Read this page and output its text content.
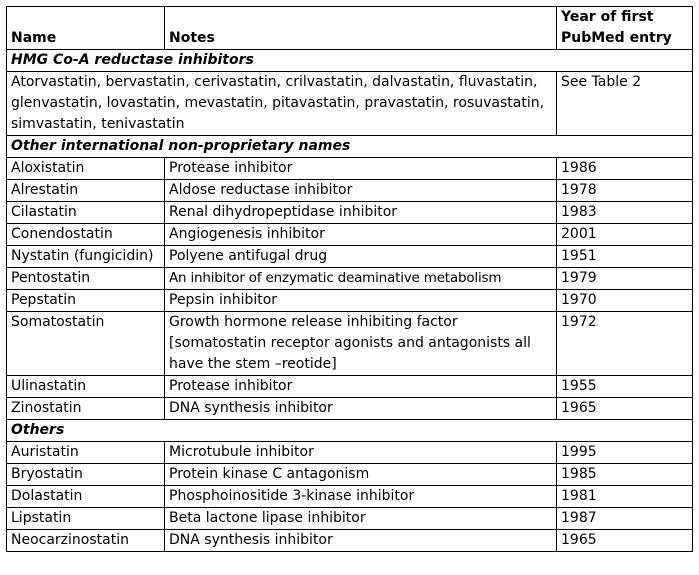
Name	Notes	Year of first PubMed entry
HMG Co-A reductase inhibitors		
Atorvastatin, bervastatin, cerivastatin, crilvastatin, dalvastatin, fluvastatin, glenvastatin, lovastatin, mevastatin, pitavastatin, pravastatin, rosuvastatin, simvastatin, tenivastatin		See Table 2
Other international non-proprietary names		
Aloxistatin	Protease inhibitor	1986
Alrestatin	Aldose reductase inhibitor	1978
Cilastatin	Renal dihydropeptidase inhibitor	1983
Conendostatin	Angiogenesis inhibitor	2001
Nystatin (fungicidin)	Polyene antifugal drug	1951
Pentostatin	An inhibitor of enzymatic deaminative metabolism	1979
Pepstatin	Pepsin inhibitor	1970
Somatostatin	Growth hormone release inhibiting factor [somatostatin receptor agonists and antagonists all have the stem –reotide]	1972
Ulinastatin	Protease inhibitor	1955
Zinostatin	DNA synthesis inhibitor	1965
Others		
Auristatin	Microtubule inhibitor	1995
Bryostatin	Protein kinase C antagonism	1985
Dolastatin	Phosphoinositide 3-kinase inhibitor	1981
Lipstatin	Beta lactone lipase inhibitor	1987
Neocarzinostatin	DNA synthesis inhibitor	1965
